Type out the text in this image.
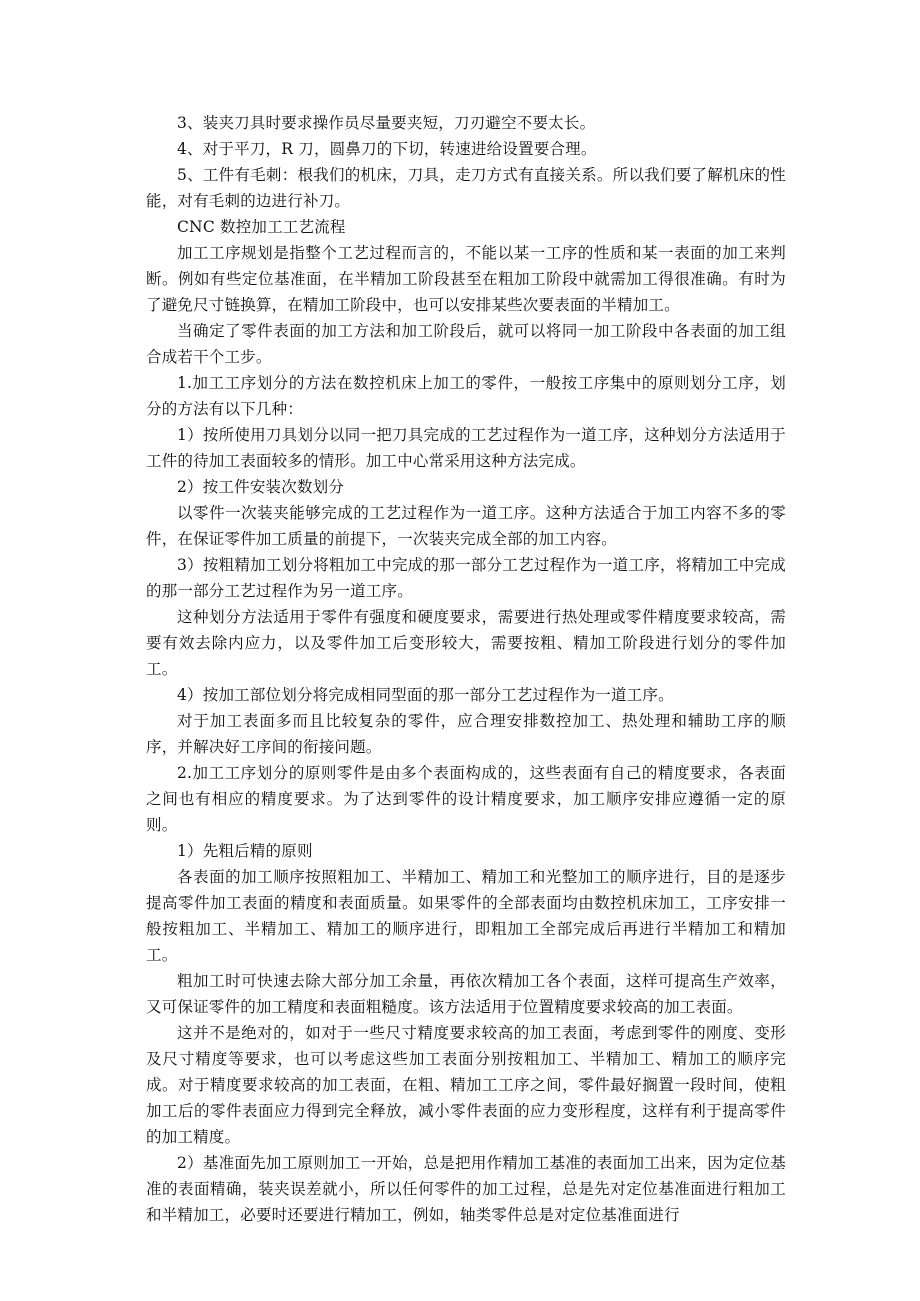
3、装夹刀具时要求操作员尽量要夹短，刀刃避空不要太长。

4、对于平刀，R 刀，圆鼻刀的下切，转速进给设置要合理。

5、工件有毛刺：根我们的机床，刀具，走刀方式有直接关系。所以我们要了解机床的性能，对有毛刺的边进行补刀。

CNC 数控加工工艺流程

加工工序规划是指整个工艺过程而言的，不能以某一工序的性质和某一表面的加工来判断。例如有些定位基准面，在半精加工阶段甚至在粗加工阶段中就需加工得很准确。有时为了避免尺寸链换算，在精加工阶段中，也可以安排某些次要表面的半精加工。

当确定了零件表面的加工方法和加工阶段后，就可以将同一加工阶段中各表面的加工组合成若干个工步。

1.加工工序划分的方法在数控机床上加工的零件，一般按工序集中的原则划分工序，划分的方法有以下几种：

1）按所使用刀具划分以同一把刀具完成的工艺过程作为一道工序，这种划分方法适用于工件的待加工表面较多的情形。加工中心常采用这种方法完成。

2）按工件安装次数划分

以零件一次装夹能够完成的工艺过程作为一道工序。这种方法适合于加工内容不多的零件，在保证零件加工质量的前提下，一次装夹完成全部的加工内容。

3）按粗精加工划分将粗加工中完成的那一部分工艺过程作为一道工序，将精加工中完成的那一部分工艺过程作为另一道工序。

这种划分方法适用于零件有强度和硬度要求，需要进行热处理或零件精度要求较高，需要有效去除内应力，以及零件加工后变形较大，需要按粗、精加工阶段进行划分的零件加工。

4）按加工部位划分将完成相同型面的那一部分工艺过程作为一道工序。

对于加工表面多而且比较复杂的零件，应合理安排数控加工、热处理和辅助工序的顺序，并解决好工序间的衔接问题。

2.加工工序划分的原则零件是由多个表面构成的，这些表面有自己的精度要求，各表面之间也有相应的精度要求。为了达到零件的设计精度要求，加工顺序安排应遵循一定的原则。

1）先粗后精的原则

各表面的加工顺序按照粗加工、半精加工、精加工和光整加工的顺序进行，目的是逐步提高零件加工表面的精度和表面质量。如果零件的全部表面均由数控机床加工，工序安排一般按粗加工、半精加工、精加工的顺序进行，即粗加工全部完成后再进行半精加工和精加工。

粗加工时可快速去除大部分加工余量，再依次精加工各个表面，这样可提高生产效率，又可保证零件的加工精度和表面粗糙度。该方法适用于位置精度要求较高的加工表面。

这并不是绝对的，如对于一些尺寸精度要求较高的加工表面，考虑到零件的刚度、变形及尺寸精度等要求，也可以考虑这些加工表面分别按粗加工、半精加工、精加工的顺序完成。对于精度要求较高的加工表面，在粗、精加工工序之间，零件最好搁置一段时间，使粗加工后的零件表面应力得到完全释放，减小零件表面的应力变形程度，这样有利于提高零件的加工精度。

2）基准面先加工原则加工一开始，总是把用作精加工基准的表面加工出来，因为定位基准的表面精确，装夹误差就小，所以任何零件的加工过程，总是先对定位基准面进行粗加工和半精加工，必要时还要进行精加工，例如，轴类零件总是对定位基准面进行
